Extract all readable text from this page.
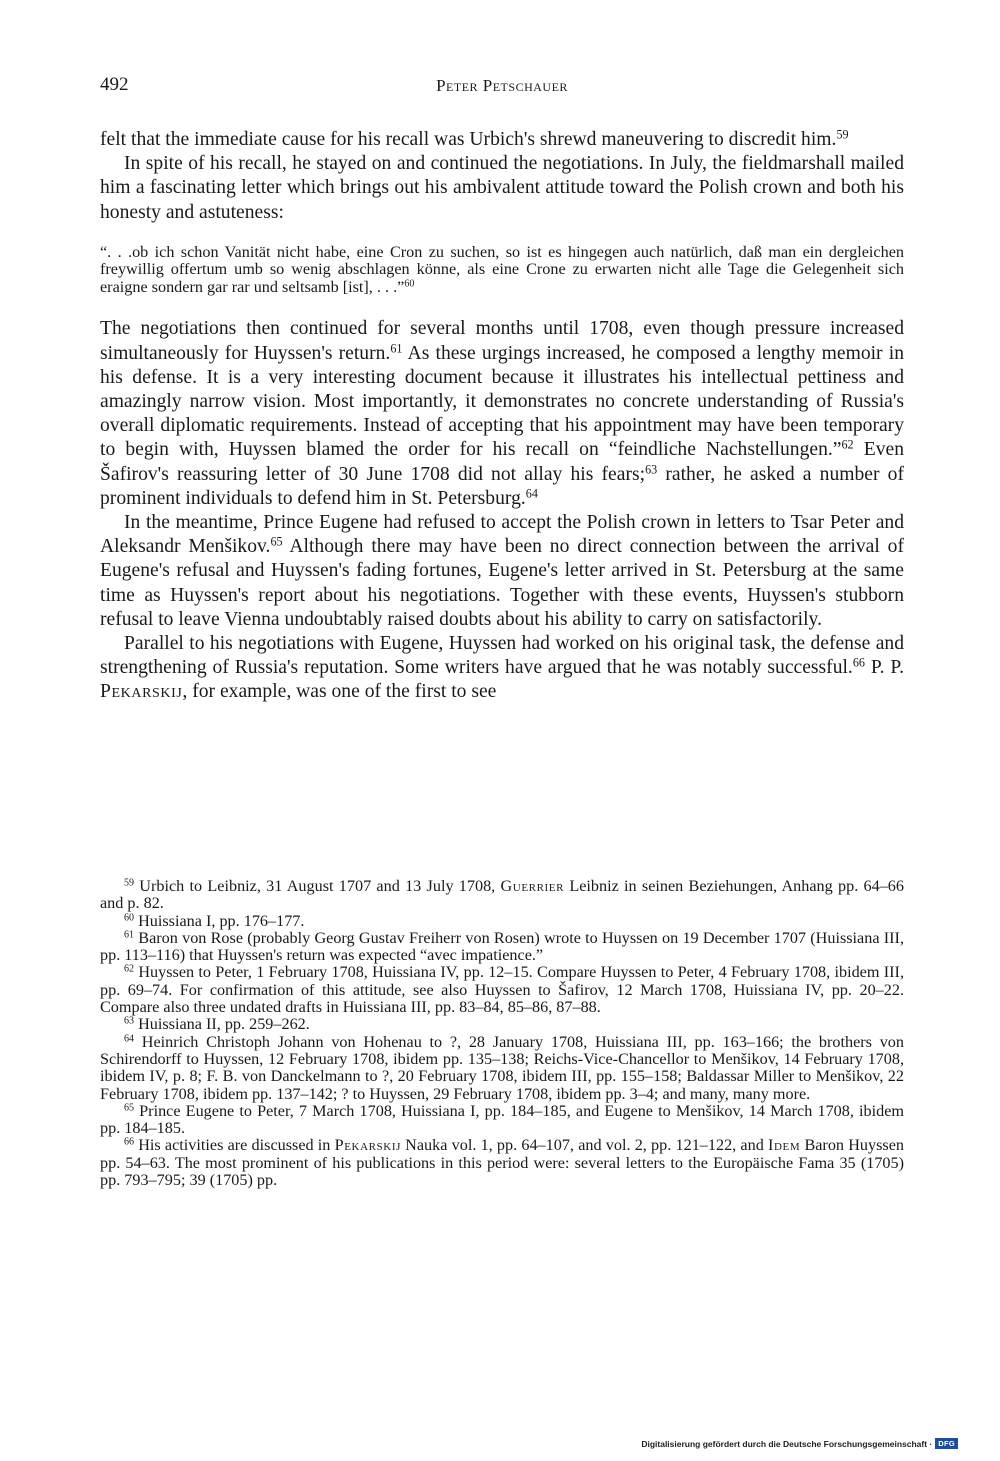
492	Peter Petschauer

felt that the immediate cause for his recall was Urbich's shrewd maneuvering to discredit him.$^{59}$

In spite of his recall, he stayed on and continued the negotiations. In July, the fieldmarshall mailed him a fascinating letter which brings out his ambivalent attitude toward the Polish crown and both his honesty and astuteness:

“. . .ob ich schon Vanität nicht habe, eine Cron zu suchen, so ist es hingegen auch natürlich, daß man ein dergleichen freywillig offertum umb so wenig abschlagen könne, als eine Crone zu erwarten nicht alle Tage die Gelegenheit sich eraigne sondern gar rar und seltsamb [ist], . . .”$^{60}$

The negotiations then continued for several months until 1708, even though pressure increased simultaneously for Huyssen's return.$^{61}$ As these urgings increased, he composed a lengthy memoir in his defense. It is a very interesting document because it illustrates his intellectual pettiness and amazingly narrow vision. Most importantly, it demonstrates no concrete understanding of Russia's overall diplomatic requirements. Instead of accepting that his appointment may have been temporary to begin with, Huyssen blamed the order for his recall on “feindliche Nachstellungen.”$^{62}$ Even Šafirov's reassuring letter of 30 June 1708 did not allay his fears;$^{63}$ rather, he asked a number of prominent individuals to defend him in St. Petersburg.$^{64}$

In the meantime, Prince Eugene had refused to accept the Polish crown in letters to Tsar Peter and Aleksandr Menšikov.$^{65}$ Although there may have been no direct connection between the arrival of Eugene's refusal and Huyssen's fading fortunes, Eugene's letter arrived in St. Petersburg at the same time as Huyssen's report about his negotiations. Together with these events, Huyssen's stubborn refusal to leave Vienna undoubtably raised doubts about his ability to carry on satisfactorily.

Parallel to his negotiations with Eugene, Huyssen had worked on his original task, the defense and strengthening of Russia's reputation. Some writers have argued that he was notably successful.$^{66}$ P. P. Pekarskij, for example, was one of the first to see

$^{59}$ Urbich to Leibniz, 31 August 1707 and 13 July 1708, Guerrier Leibniz in seinen Beziehungen, Anhang pp. 64–66 and p. 82.

$^{60}$ Huissiana I, pp. 176–177.

$^{61}$ Baron von Rose (probably Georg Gustav Freiherr von Rosen) wrote to Huyssen on 19 December 1707 (Huissiana III, pp. 113–116) that Huyssen's return was expected “avec impatience.”

$^{62}$ Huyssen to Peter, 1 February 1708, Huissiana IV, pp. 12–15. Compare Huyssen to Peter, 4 February 1708, ibidem III, pp. 69–74. For confirmation of this attitude, see also Huyssen to Šafirov, 12 March 1708, Huissiana IV, pp. 20–22. Compare also three undated drafts in Huissiana III, pp. 83–84, 85–86, 87–88.

$^{63}$ Huissiana II, pp. 259–262.

$^{64}$ Heinrich Christoph Johann von Hohenau to ?, 28 January 1708, Huissiana III, pp. 163–166; the brothers von Schirendorff to Huyssen, 12 February 1708, ibidem pp. 135–138; Reichs-Vice-Chancellor to Menšikov, 14 February 1708, ibidem IV, p. 8; F. B. von Danckelmann to ?, 20 February 1708, ibidem III, pp. 155–158; Baldassar Miller to Menšikov, 22 February 1708, ibidem pp. 137–142; ? to Huyssen, 29 February 1708, ibidem pp. 3–4; and many, many more.

$^{65}$ Prince Eugene to Peter, 7 March 1708, Huissiana I, pp. 184–185, and Eugene to Menšikov, 14 March 1708, ibidem pp. 184–185.

$^{66}$ His activities are discussed in Pekarskij Nauka vol. 1, pp. 64–107, and vol. 2, pp. 121–122, and Idem Baron Huyssen pp. 54–63. The most prominent of his publications in this period were: several letters to the Europäische Fama 35 (1705) pp. 793–795; 39 (1705) pp.

Digitalisierung gefördert durch die Deutsche Forschungsgemeinschaft · DFG
